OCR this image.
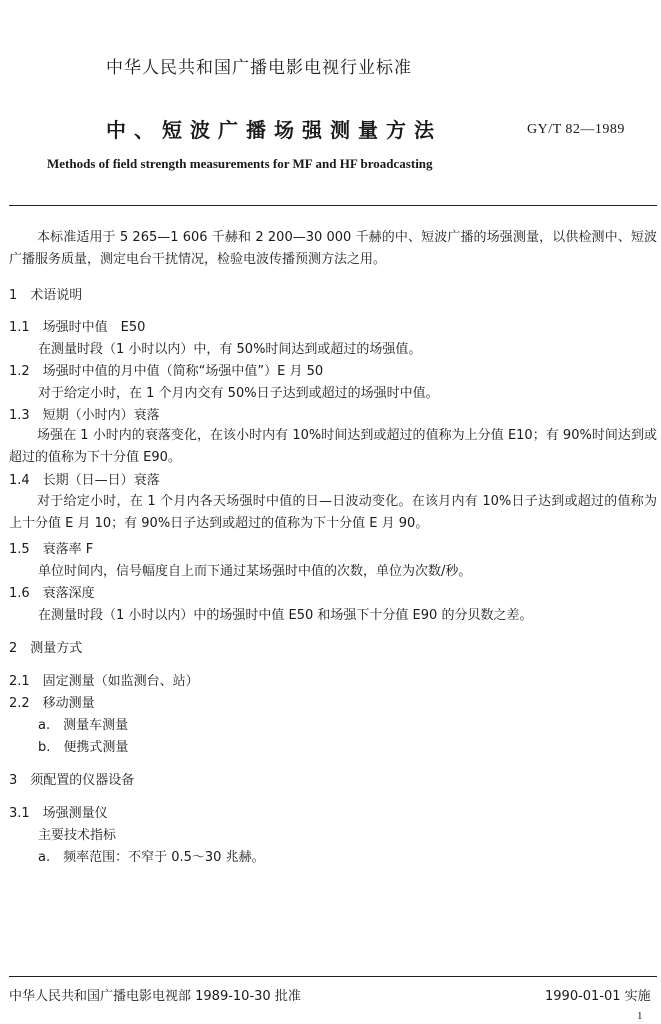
中华人民共和国广播电影电视行业标准
中、短波广播场强测量方法	GY/T 82—1989
Methods of field strength measurements for MF and HF broadcasting
本标准适用于 5 265—1 606 千赫和 2 200—30 000 千赫的中、短波广播的场强测量，以供检测中、短波广播服务质量，测定电台干扰情况，检验电波传播预测方法之用。
1　术语说明
1.1　场强时中值　E50
在测量时段（1 小时以内）中，有 50%时间达到或超过的场强值。
1.2　场强时中值的月中值（简称“场强中值”）E 月 50
对于给定小时，在 1 个月内交有 50%日子达到或超过的场强时中值。
1.3　短期（小时内）衰落
场强在 1 小时内的衰落变化，在该小时内有 10%时间达到或超过的值称为上分值 E10；有 90%时间达到或超过的值称为下十分值 E90。
1.4　长期（日—日）衰落
对于给定小时，在 1 个月内各天场强时中值的日—日波动变化。在该月内有 10%日子达到或超过的值称为上十分值 E 月 10；有 90%日子达到或超过的值称为下十分值 E 月 90。
1.5　衰落率 F
单位时间内，信号幅度自上而下通过某场强时中值的次数，单位为次数/秒。
1.6　衰落深度
在测量时段（1 小时以内）中的场强时中值 E50 和场强下十分值 E90 的分贝数之差。
2　测量方式
2.1　固定测量（如监测台、站）
2.2　移动测量
a.　测量车测量
b.　便携式测量
3　须配置的仪器设备
3.1　场强测量仪
主要技术指标
a.　频率范围：不窄于 0.5～30 兆赫。
中华人民共和国广播电影电视部 1989-10-30 批准	1990-01-01 实施
1
